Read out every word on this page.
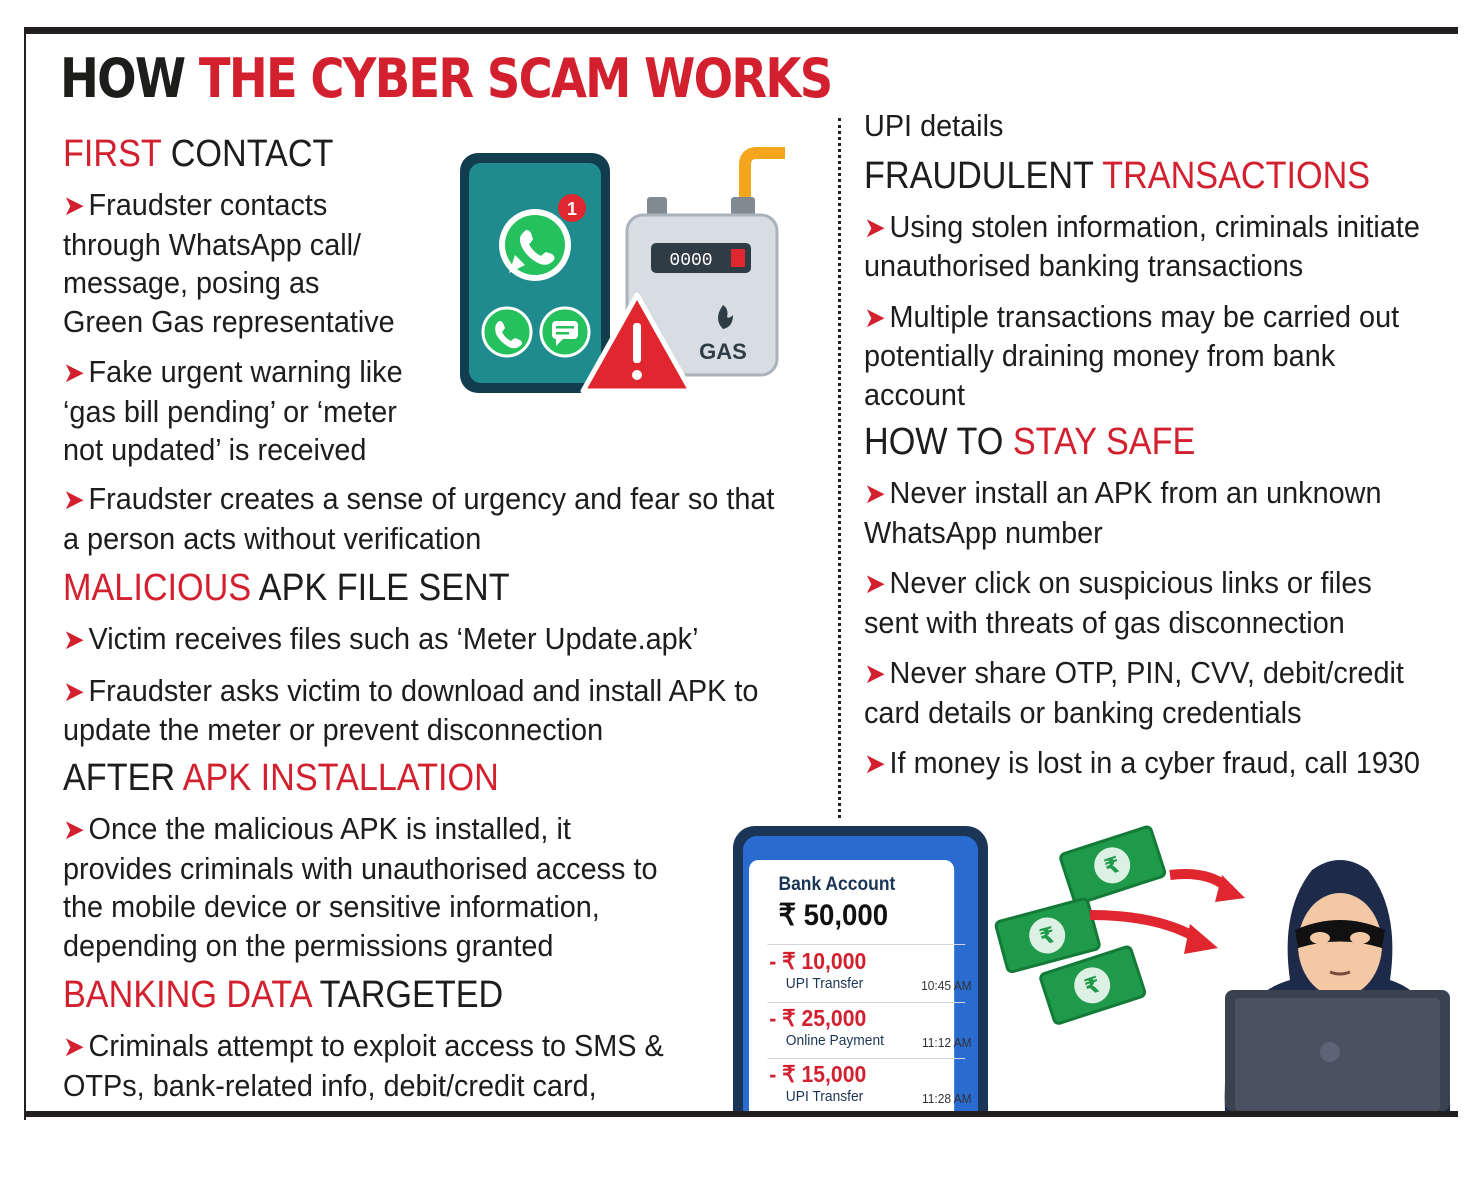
HOW THE CYBER SCAM WORKS
FIRST CONTACT

➤ Fraudster contacts through WhatsApp call/ message, posing as Green Gas representative

➤ Fake urgent warning like ‘gas bill pending’ or ‘meter not updated’ is received

➤ Fraudster creates a sense of urgency and fear so that a person acts without verification

MALICIOUS APK FILE SENT

➤ Victim receives files such as ‘Meter Update.apk’

➤ Fraudster asks victim to download and install APK to update the meter or prevent disconnection

AFTER APK INSTALLATION

➤ Once the malicious APK is installed, it provides criminals with unauthorised access to the mobile device or sensitive information, depending on the permissions granted

BANKING DATA TARGETED

➤ Criminals attempt to exploit access to SMS & OTPs, bank-related info, debit/credit card,

UPI details

FRAUDULENT TRANSACTIONS

➤ Using stolen information, criminals initiate unauthorised banking transactions

➤ Multiple transactions may be carried out potentially draining money from bank account

HOW TO STAY SAFE

➤ Never install an APK from an unknown WhatsApp number

➤ Never click on suspicious links or files sent with threats of gas disconnection

➤ Never share OTP, PIN, CVV, debit/credit card details or banking credentials

➤ If money is lost in a cyber fraud, call 1930

1
0000
GAS
Bank Account
₹ 50,000
- ₹ 10,000
UPI Transfer	10:45 AM
- ₹ 25,000
Online Payment	11:12 AM
- ₹ 15,000
UPI Transfer	11:28 AM
₹
₹
₹
